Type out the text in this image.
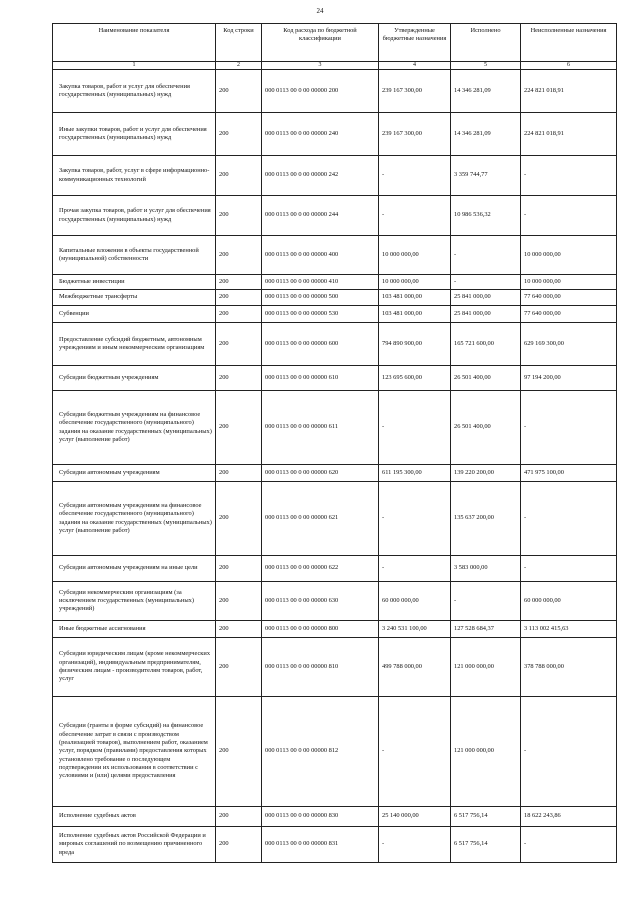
24
Наименование показателя	Код строки	Код расхода по бюджетной классификации	Утвержденные бюджетные назначения	Исполнено	Неисполненные назначения
1	2	3	4	5	6
Закупка товаров, работ и услуг для обеспечения государственных (муниципальных) нужд	200	000 0113 00 0 00 00000 200	239 167 300,00	14 346 281,09	224 821 018,91
Иные закупки товаров, работ и услуг для обеспечения государственных (муниципальных) нужд	200	000 0113 00 0 00 00000 240	239 167 300,00	14 346 281,09	224 821 018,91
Закупка товаров, работ, услуг в сфере информационно-коммуникационных технологий	200	000 0113 00 0 00 00000 242	-	3 359 744,77	-
Прочая закупка товаров, работ и услуг для обеспечения государственных (муниципальных) нужд	200	000 0113 00 0 00 00000 244	-	10 986 536,32	-
Капитальные вложения в объекты государственной (муниципальной) собственности	200	000 0113 00 0 00 00000 400	10 000 000,00	-	10 000 000,00
Бюджетные инвестиции	200	000 0113 00 0 00 00000 410	10 000 000,00	-	10 000 000,00
Межбюджетные трансферты	200	000 0113 00 0 00 00000 500	103 481 000,00	25 841 000,00	77 640 000,00
Субвенции	200	000 0113 00 0 00 00000 530	103 481 000,00	25 841 000,00	77 640 000,00
Предоставление субсидий бюджетным, автономным учреждениям и иным некоммерческим организациям	200	000 0113 00 0 00 00000 600	794 890 900,00	165 721 600,00	629 169 300,00
Субсидии бюджетным учреждениям	200	000 0113 00 0 00 00000 610	123 695 600,00	26 501 400,00	97 194 200,00
Субсидии бюджетным учреждениям на финансовое обеспечение государственного (муниципального) задания на оказание государственных (муниципальных) услуг (выполнение работ)	200	000 0113 00 0 00 00000 611	-	26 501 400,00	-
Субсидии автономным учреждениям	200	000 0113 00 0 00 00000 620	611 195 300,00	139 220 200,00	471 975 100,00
Субсидии автономным учреждениям на финансовое обеспечение государственного (муниципального) задания на оказание государственных (муниципальных) услуг (выполнение работ)	200	000 0113 00 0 00 00000 621	-	135 637 200,00	-
Субсидии автономным учреждениям на иные цели	200	000 0113 00 0 00 00000 622	-	3 583 000,00	-
Субсидии некоммерческим организациям (за исключением государственных (муниципальных) учреждений)	200	000 0113 00 0 00 00000 630	60 000 000,00	-	60 000 000,00
Иные бюджетные ассигнования	200	000 0113 00 0 00 00000 800	3 240 531 100,00	127 528 684,37	3 113 002 415,63
Субсидии юридическим лицам (кроме некоммерческих организаций), индивидуальным предпринимателям, физическим лицам - производителям товаров, работ, услуг	200	000 0113 00 0 00 00000 810	499 788 000,00	121 000 000,00	378 788 000,00
Субсидии (гранты в форме субсидий) на финансовое обеспечение затрат в связи с производством (реализацией товаров), выполнением работ, оказанием услуг, порядком (правилами) предоставления которых установлено требование о последующем подтверждении их использования в соответствии с условиями и (или) целями предоставления	200	000 0113 00 0 00 00000 812	-	121 000 000,00	-
Исполнение судебных актов	200	000 0113 00 0 00 00000 830	25 140 000,00	6 517 756,14	18 622 243,86
Исполнение судебных актов Российской Федерации и мировых соглашений по возмещению причиненного вреда	200	000 0113 00 0 00 00000 831	-	6 517 756,14	-
